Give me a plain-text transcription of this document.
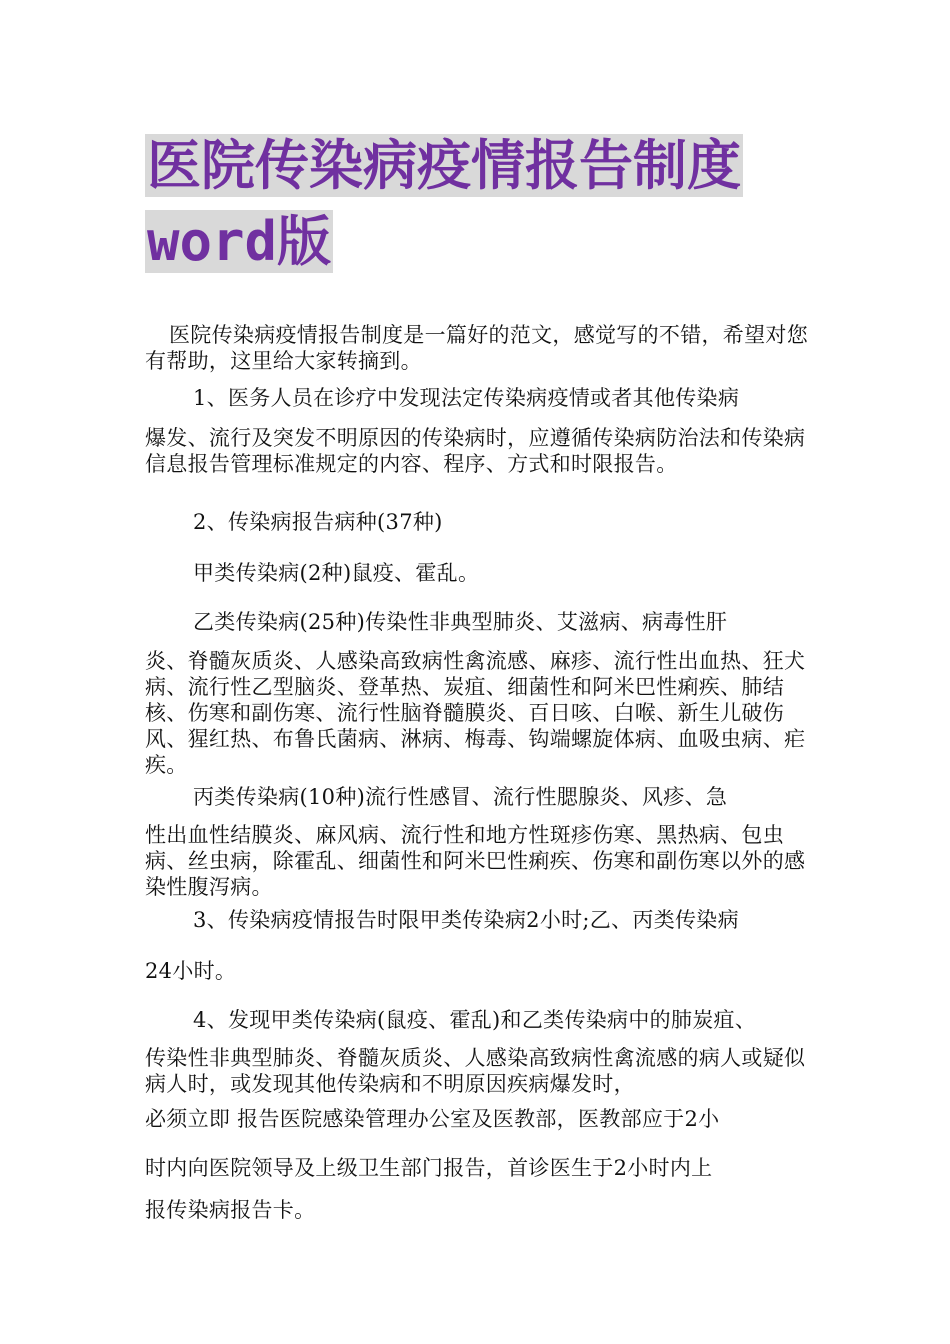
医院传染病疫情报告制度
word版

医院传染病疫情报告制度是一篇好的范文，感觉写的不错，希望对您有帮助，这里给大家转摘到。

1、医务人员在诊疗中发现法定传染病疫情或者其他传染病

爆发、流行及突发不明原因的传染病时，应遵循传染病防治法和传染病信息报告管理标准规定的内容、程序、方式和时限报告。

2、传染病报告病种(37种)

甲类传染病(2种)鼠疫、霍乱。

乙类传染病(25种)传染性非典型肺炎、艾滋病、病毒性肝

炎、脊髓灰质炎、人感染高致病性禽流感、麻疹、流行性出血热、狂犬病、流行性乙型脑炎、登革热、炭疽、细菌性和阿米巴性痢疾、肺结核、伤寒和副伤寒、流行性脑脊髓膜炎、百日咳、白喉、新生儿破伤风、猩红热、布鲁氏菌病、淋病、梅毒、钩端螺旋体病、血吸虫病、疟疾。

丙类传染病(10种)流行性感冒、流行性腮腺炎、风疹、急

性出血性结膜炎、麻风病、流行性和地方性斑疹伤寒、黑热病、包虫病、丝虫病，除霍乱、细菌性和阿米巴性痢疾、伤寒和副伤寒以外的感染性腹泻病。

3、传染病疫情报告时限甲类传染病2小时;乙、丙类传染病

24小时。

4、发现甲类传染病(鼠疫、霍乱)和乙类传染病中的肺炭疽、

传染性非典型肺炎、脊髓灰质炎、人感染高致病性禽流感的病人或疑似病人时，或发现其他传染病和不明原因疾病爆发时，

必须立即 报告医院感染管理办公室及医教部，医教部应于2小

时内向医院领导及上级卫生部门报告，首诊医生于2小时内上

报传染病报告卡。
